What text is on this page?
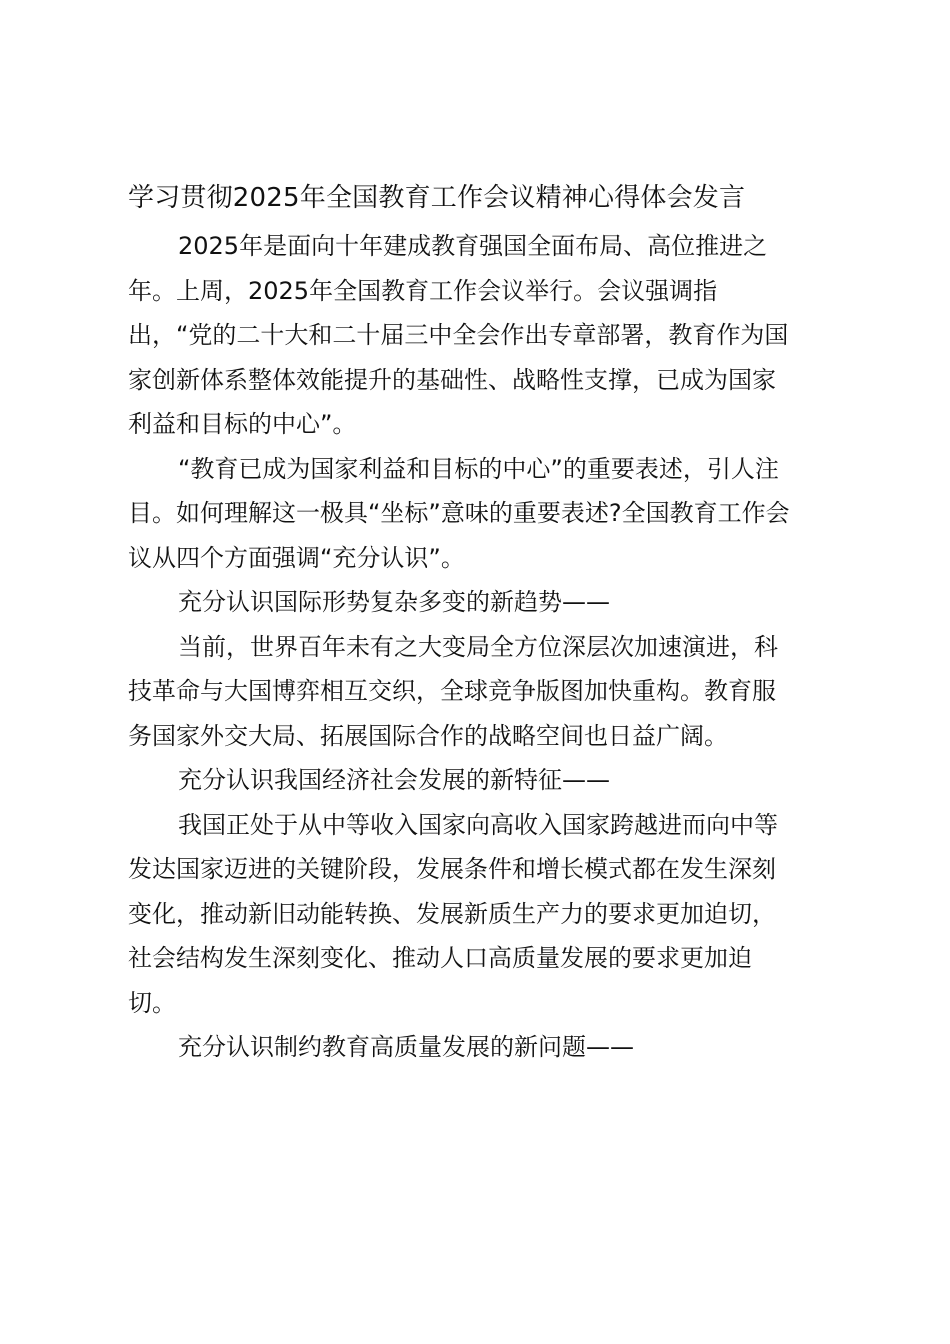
学习贯彻2025年全国教育工作会议精神心得体会发言
2025年是面向十年建成教育强国全面布局、高位推进之
年。上周，2025年全国教育工作会议举行。会议强调指
出，“党的二十大和二十届三中全会作出专章部署，教育作为国
家创新体系整体效能提升的基础性、战略性支撑，已成为国家
利益和目标的中心”。
“教育已成为国家利益和目标的中心”的重要表述，引人注
目。如何理解这一极具“坐标”意味的重要表述?全国教育工作会
议从四个方面强调“充分认识”。
充分认识国际形势复杂多变的新趋势——
当前，世界百年未有之大变局全方位深层次加速演进，科
技革命与大国博弈相互交织，全球竞争版图加快重构。教育服
务国家外交大局、拓展国际合作的战略空间也日益广阔。
充分认识我国经济社会发展的新特征——
我国正处于从中等收入国家向高收入国家跨越进而向中等
发达国家迈进的关键阶段，发展条件和增长模式都在发生深刻
变化，推动新旧动能转换、发展新质生产力的要求更加迫切，
社会结构发生深刻变化、推动人口高质量发展的要求更加迫
切。
充分认识制约教育高质量发展的新问题——
